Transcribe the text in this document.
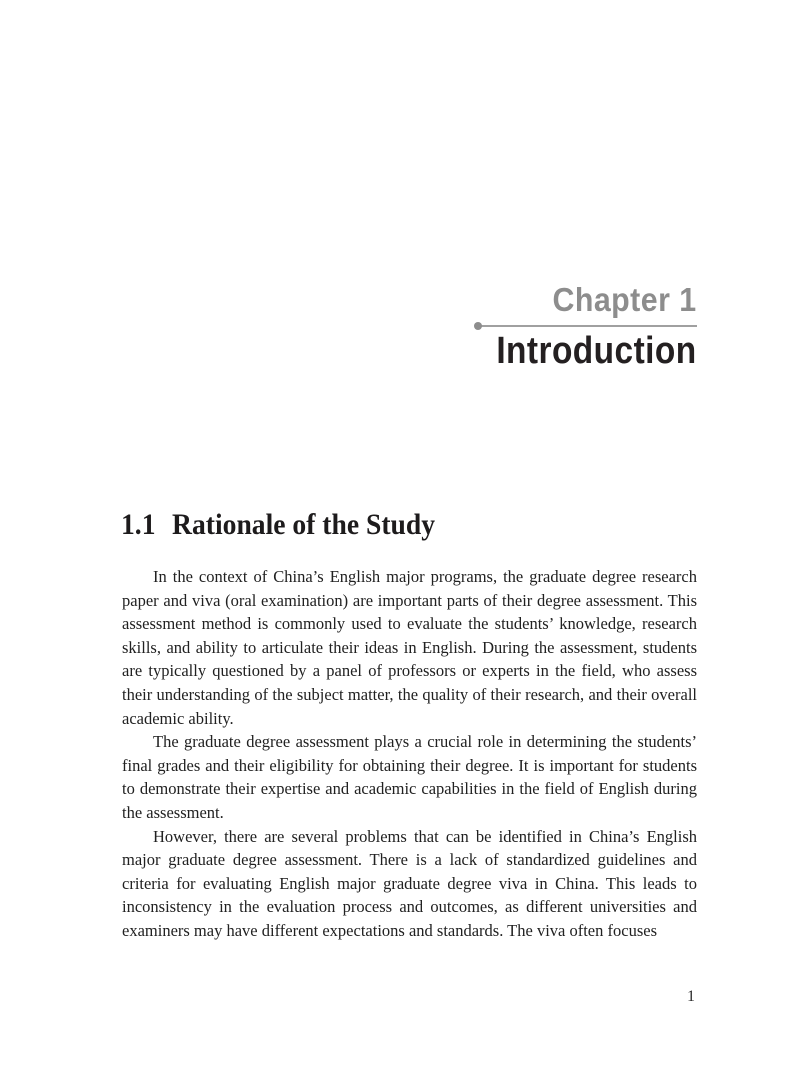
Chapter 1
Introduction
1.1 Rationale of the Study

In the context of China’s English major programs, the graduate degree research paper and viva (oral examination) are important parts of their degree assessment. This assessment method is commonly used to evaluate the students’ knowledge, research skills, and ability to articulate their ideas in English. During the assessment, students are typically questioned by a panel of professors or experts in the field, who assess their understanding of the subject matter, the quality of their research, and their overall academic ability.

The graduate degree assessment plays a crucial role in determining the students’ final grades and their eligibility for obtaining their degree. It is important for students to demonstrate their expertise and academic capabilities in the field of English during the assessment.

However, there are several problems that can be identified in China’s English major graduate degree assessment. There is a lack of standardized guidelines and criteria for evaluating English major graduate degree viva in China. This leads to inconsistency in the evaluation process and outcomes, as different universities and examiners may have different expectations and standards. The viva often focuses

1
